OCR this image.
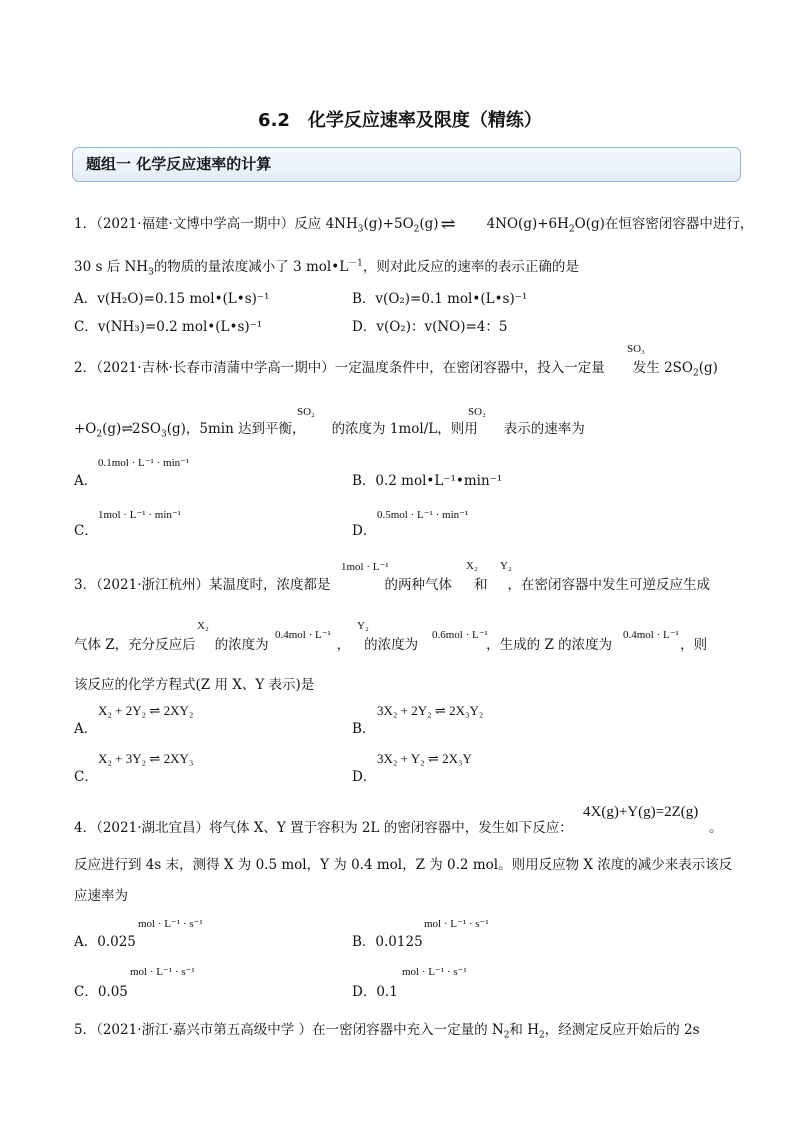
6.2　化学反应速率及限度（精练）
题组一 化学反应速率的计算
1．（2021·福建·文博中学高一期中）反应 $4NH_3(g)+5O_2(g)$ ⇌ $4NO(g)+6H_2O(g)$在恒容密闭容器中进行，
30 s 后 $NH_3$的物质的量浓度减小了 3 $mol•L^{-1}$，则对此反应的速率的表示正确的是
A．v(H₂O)=0.15 mol•(L•s)⁻¹	B．v(O₂)=0.1 mol•(L•s)⁻¹
C．v(NH₃)=0.2 mol•(L•s)⁻¹	D．v(O₂)：v(NO)=4：5
SO₃
2．（2021·吉林·长春市清蒲中学高一期中）一定温度条件中，在密闭容器中，投入一定量 发生 $2SO_2(g)$
SO₂	SO₂
$+O_2(g)\rightleftharpoons 2SO_3(g)$，5min 达到平衡， 的浓度为 1mol/L，则用 表示的速率为
A．
0.1mol · L⁻¹ · min⁻¹
B．0.2 mol•L⁻¹•min⁻¹
C．
1mol · L⁻¹ · min⁻¹
D．
0.5mol · L⁻¹ · min⁻¹
1mol · L⁻¹	X₂ Y₂
3．（2021·浙江杭州）某温度时，浓度都是	的两种气体 和 ，在密闭容器中发生可逆反应生成
X₂
0.4mol · L⁻¹
Y₂
0.6mol · L⁻¹	0.4mol · L⁻¹
气体 Z，充分反应后 的浓度为	， 的浓度为	，生成的 Z 的浓度为	，则
该反应的化学方程式(Z 用 X、Y 表示)是
A．
X₂ + 2Y₂ ⇌ 2XY₂
B．
3X₂ + 2Y₂ ⇌ 2X₃Y₂
C．
X₂ + 3Y₂ ⇌ 2XY₃
D．
3X₂ + Y₂ ⇌ 2X₃Y
4．（2021·湖北宜昌）将气体 X、Y 置于容积为 2L 的密闭容器中，发生如下反应：
4X(g)+Y(g)=2Z(g)
。
反应进行到 4s 末，测得 X 为 0.5 mol，Y 为 0.4 mol，Z 为 0.2 mol。则用反应物 X 浓度的减少来表示该反
应速率为
A．0.025
mol · L⁻¹ · s⁻¹
B．0.0125
mol · L⁻¹ · s⁻¹
C．0.05
mol · L⁻¹ · s⁻¹
D．0.1
mol · L⁻¹ · s⁻¹
5．（2021·浙江·嘉兴市第五高级中学 ）在一密闭容器中充入一定量的 $N_2$和 $H_2$，经测定反应开始后的 2s
